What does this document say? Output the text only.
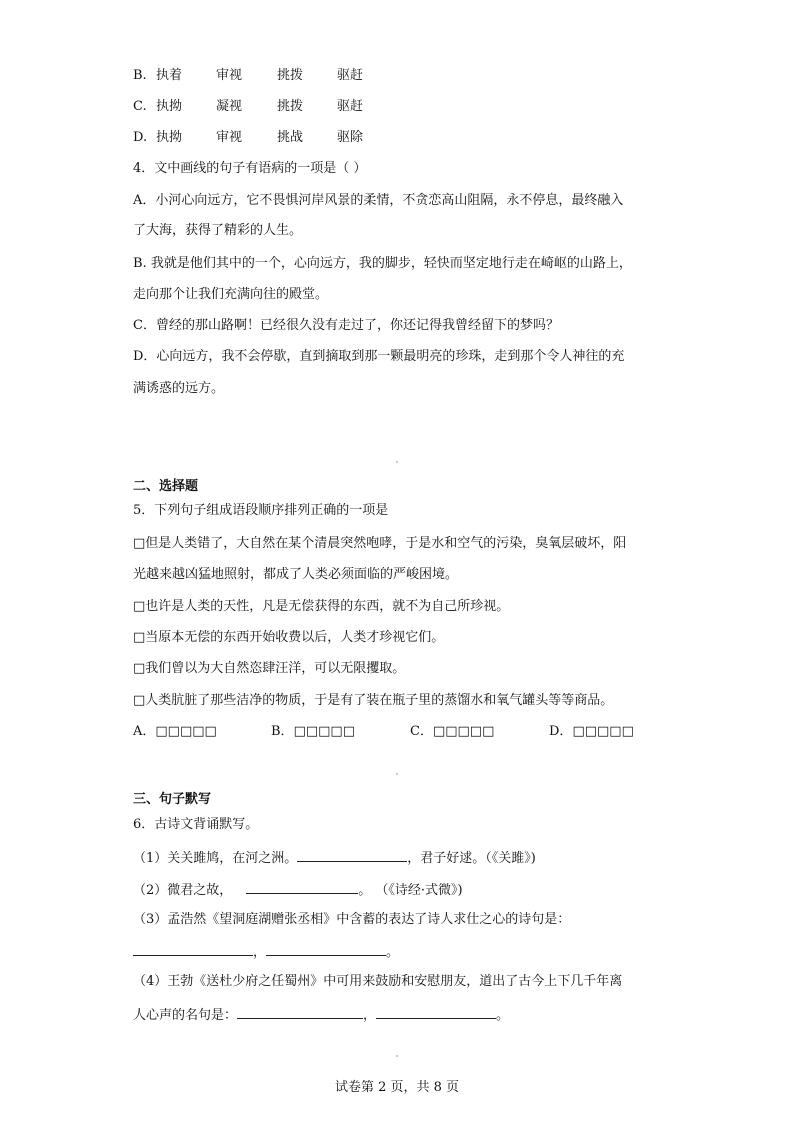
B. 执着	审视	挑拨	驱赶
C. 执拗	凝视	挑拨	驱赶
D. 执拗	审视	挑战	驱除
4．文中画线的句子有语病的一项是（ ）
A．小河心向远方，它不畏惧河岸风景的柔情，不贪恋高山阻隔，永不停息，最终融入
了大海，获得了精彩的人生。
B. 我就是他们其中的一个，心向远方，我的脚步，轻快而坚定地行走在崎岖的山路上，
走向那个让我们充满向往的殿堂。
C．曾经的那山路啊！已经很久没有走过了，你还记得我曾经留下的梦吗？
D．心向远方，我不会停歇，直到摘取到那一颗最明亮的珍珠，走到那个令人神往的充
满诱惑的远方。
二、选择题
5．下列句子组成语段顺序排列正确的一项是
□但是人类错了，大自然在某个清晨突然咆哮，于是水和空气的污染，臭氧层破坏，阳
光越来越凶猛地照射，都成了人类必须面临的严峻困境。
□也许是人类的天性，凡是无偿获得的东西，就不为自己所珍视。
□当原本无偿的东西开始收费以后，人类才珍视它们。
□我们曾以为大自然恣肆汪洋，可以无限攫取。
□人类肮脏了那些洁净的物质，于是有了装在瓶子里的蒸馏水和氧气罐头等等商品。
A．□□□□□	B．□□□□□	C．□□□□□	D．□□□□□
三、句子默写
6．古诗文背诵默写。
（1）关关雎鸠，在河之洲。	，君子好逑。（《关雎》)
（2）微君之故，	。 （《诗经·式微》)
（3）孟浩然《望洞庭湖赠张丞相》中含蓄的表达了诗人求仕之心的诗句是：
，	。
（4）王勃《送杜少府之任蜀州》中可用来鼓励和安慰朋友，道出了古今上下几千年离
人心声的名句是：	，	。
试卷第 2 页，共 8 页
